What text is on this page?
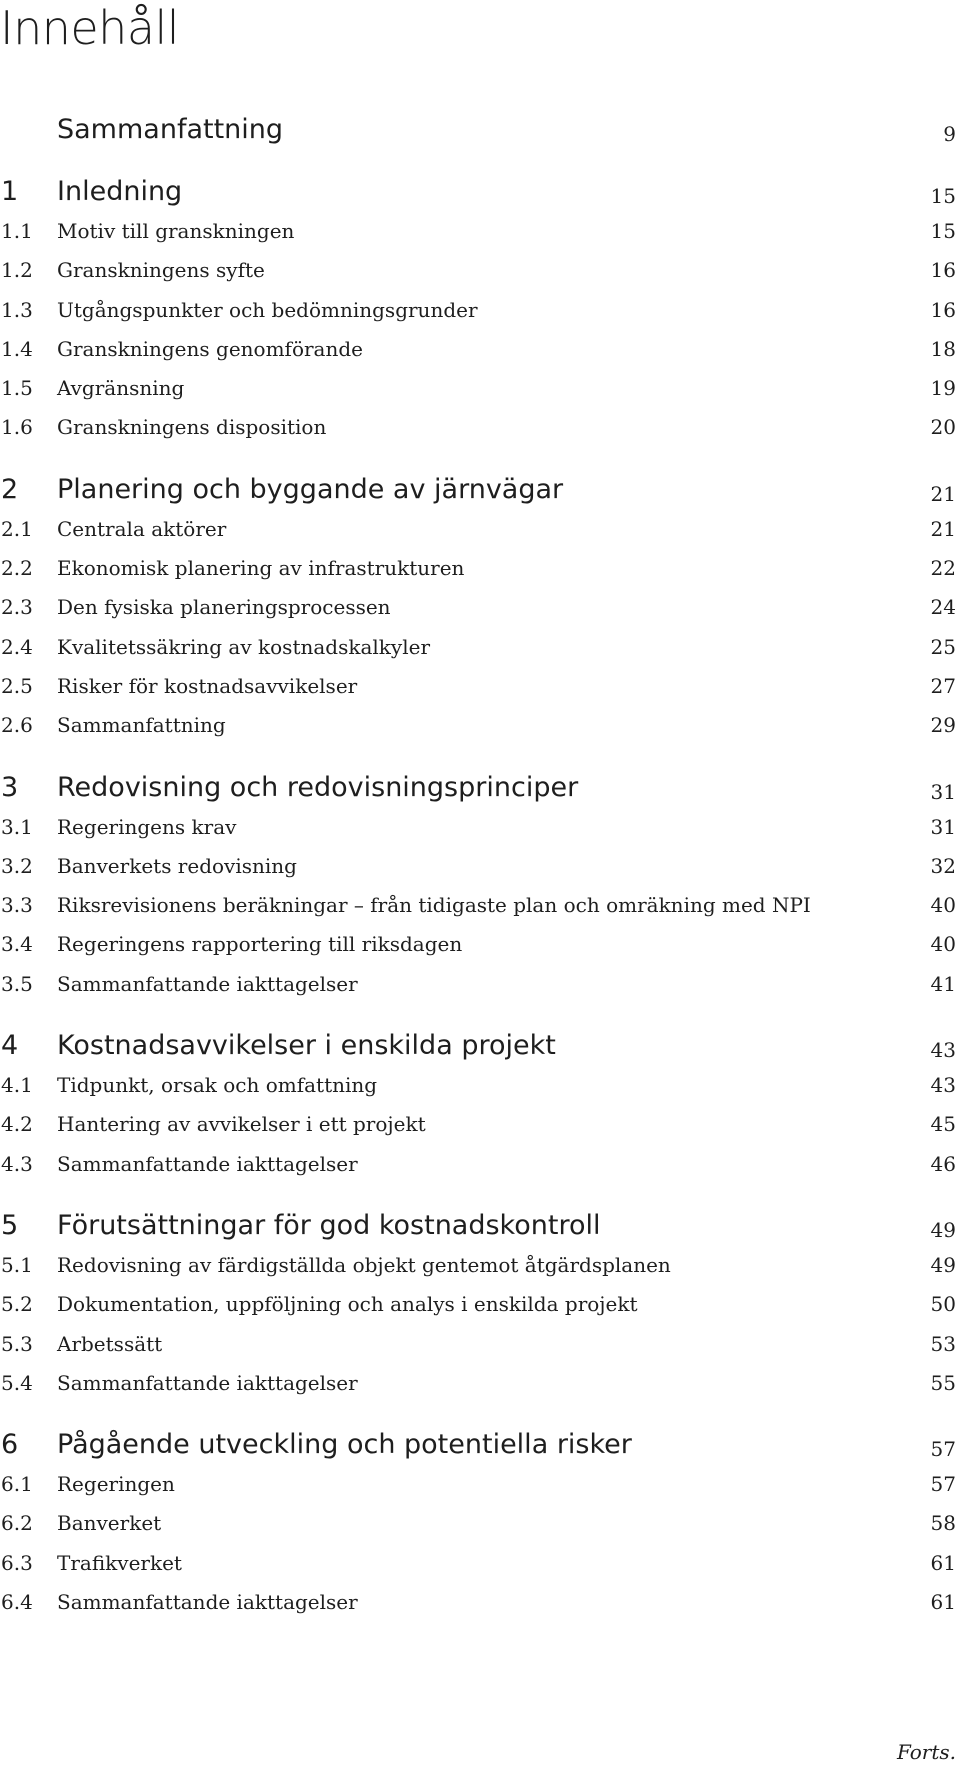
Innehåll
Sammanfattning	9
1 Inledning	15
1.1 Motiv till granskningen	15
1.2 Granskningens syfte	16
1.3 Utgångspunkter och bedömningsgrunder	16
1.4 Granskningens genomförande	18
1.5 Avgränsning	19
1.6 Granskningens disposition	20
2 Planering och byggande av järnvägar	21
2.1 Centrala aktörer	21
2.2 Ekonomisk planering av infrastrukturen	22
2.3 Den fysiska planeringsprocessen	24
2.4 Kvalitetssäkring av kostnadskalkyler	25
2.5 Risker för kostnadsavvikelser	27
2.6 Sammanfattning	29
3 Redovisning och redovisningsprinciper	31
3.1 Regeringens krav	31
3.2 Banverkets redovisning	32
3.3 Riksrevisionens beräkningar – från tidigaste plan och omräkning med NPI	40
3.4 Regeringens rapportering till riksdagen	40
3.5 Sammanfattande iakttagelser	41
4 Kostnadsavvikelser i enskilda projekt	43
4.1 Tidpunkt, orsak och omfattning	43
4.2 Hantering av avvikelser i ett projekt	45
4.3 Sammanfattande iakttagelser	46
5 Förutsättningar för god kostnadskontroll	49
5.1 Redovisning av färdigställda objekt gentemot åtgärdsplanen	49
5.2 Dokumentation, uppföljning och analys i enskilda projekt	50
5.3 Arbetssätt	53
5.4 Sammanfattande iakttagelser	55
6 Pågående utveckling och potentiella risker	57
6.1 Regeringen	57
6.2 Banverket	58
6.3 Trafikverket	61
6.4 Sammanfattande iakttagelser	61
Forts.
